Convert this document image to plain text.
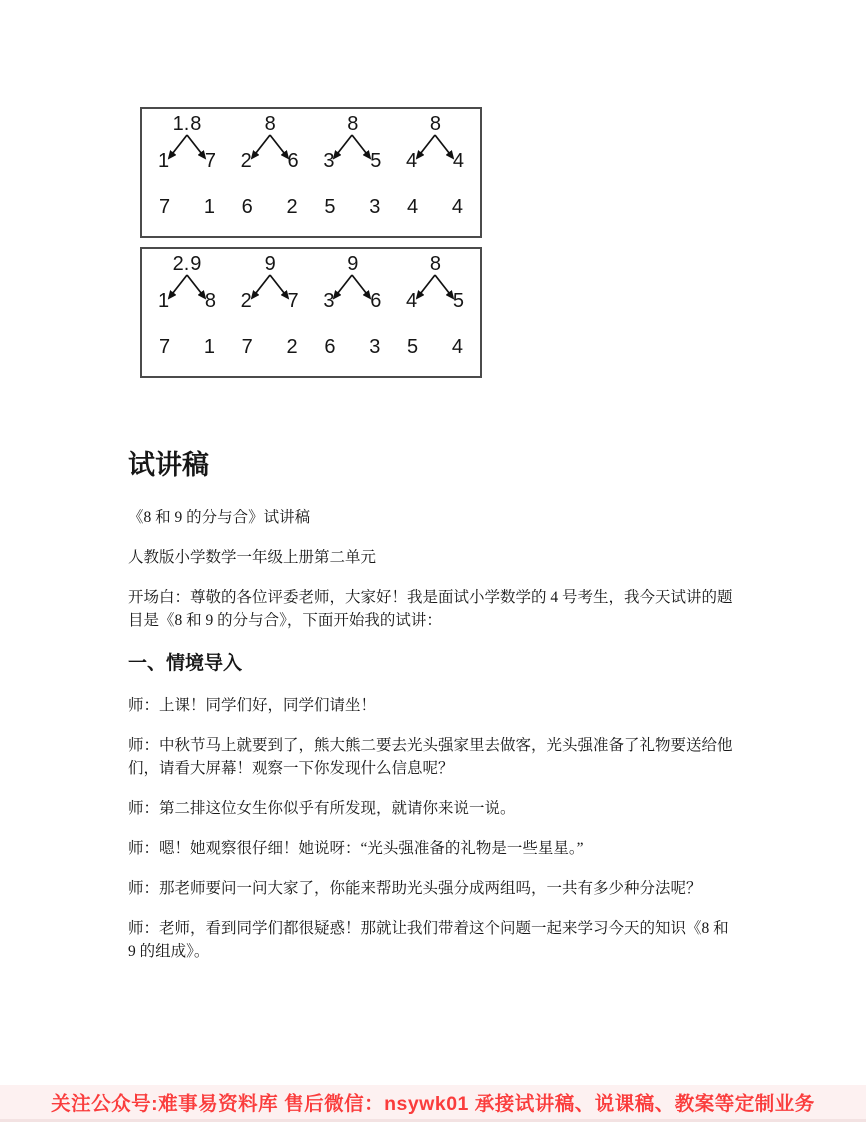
1.8
1 7
8
2 6
8
3 5
8
4 4
7 1 6 2 5 3 4 4
2.9
1 8
9
2 7
9
3 6
8
4 5
7 1 7 2 6 3 5 4
试讲稿

《8 和 9 的分与合》试讲稿

人教版小学数学一年级上册第二单元

开场白：尊敬的各位评委老师，大家好！我是面试小学数学的 4 号考生，我今天试讲的题目是《8 和 9 的分与合》，下面开始我的试讲：

一、情境导入

师：上课！同学们好，同学们请坐！

师：中秋节马上就要到了，熊大熊二要去光头强家里去做客，光头强准备了礼物要送给他们，请看大屏幕！观察一下你发现什么信息呢？

师：第二排这位女生你似乎有所发现，就请你来说一说。

师：嗯！她观察很仔细！她说呀：“光头强准备的礼物是一些星星。”

师：那老师要问一问大家了，你能来帮助光头强分成两组吗，一共有多少种分法呢？

师：老师，看到同学们都很疑惑！那就让我们带着这个问题一起来学习今天的知识《8 和 9 的组成》。

关注公众号:难事易资料库 售后微信：nsywk01 承接试讲稿、说课稿、教案等定制业务
